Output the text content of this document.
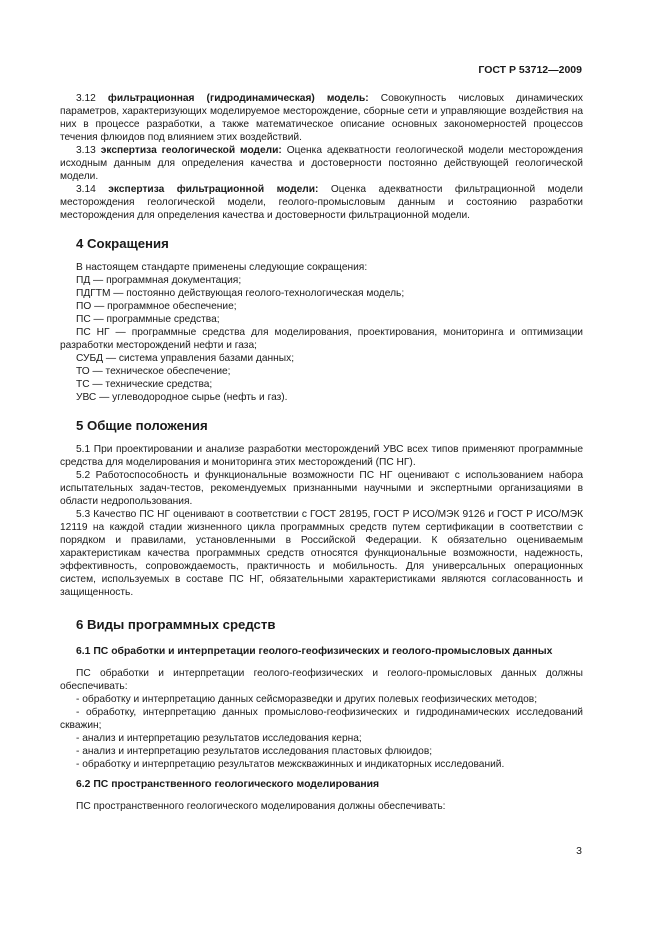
ГОСТ Р 53712—2009

3.12 фильтрационная (гидродинамическая) модель: Совокупность числовых динамических параметров, характеризующих моделируемое месторождение, сборные сети и управляющие воздействия на них в процессе разработки, а также математическое описание основных закономерностей процессов течения флюидов под влиянием этих воздействий.

3.13 экспертиза геологической модели: Оценка адекватности геологической модели месторождения исходным данным для определения качества и достоверности постоянно действующей геологической модели.

3.14 экспертиза фильтрационной модели: Оценка адекватности фильтрационной модели месторождения геологической модели, геолого-промысловым данным и состоянию разработки месторождения для определения качества и достоверности фильтрационной модели.

4 Сокращения

В настоящем стандарте применены следующие сокращения:

ПД — программная документация;

ПДГТМ — постоянно действующая геолого-технологическая модель;

ПО — программное обеспечение;

ПС — программные средства;

ПС НГ — программные средства для моделирования, проектирования, мониторинга и оптимизации разработки месторождений нефти и газа;

СУБД — система управления базами данных;

ТО — техническое обеспечение;

ТС — технические средства;

УВС — углеводородное сырье (нефть и газ).

5 Общие положения

5.1 При проектировании и анализе разработки месторождений УВС всех типов применяют программные средства для моделирования и мониторинга этих месторождений (ПС НГ).

5.2 Работоспособность и функциональные возможности ПС НГ оценивают с использованием набора испытательных задач-тестов, рекомендуемых признанными научными и экспертными организациями в области недропользования.

5.3 Качество ПС НГ оценивают в соответствии с ГОСТ 28195, ГОСТ Р ИСО/МЭК 9126 и ГОСТ Р ИСО/МЭК 12119 на каждой стадии жизненного цикла программных средств путем сертификации в соответствии с порядком и правилами, установленными в Российской Федерации. К обязательно оцениваемым характеристикам качества программных средств относятся функциональные возможности, надежность, эффективность, сопровождаемость, практичность и мобильность. Для универсальных операционных систем, используемых в составе ПС НГ, обязательными характеристиками являются согласованность и защищенность.

6 Виды программных средств
6.1 ПС обработки и интерпретации геолого-геофизических и геолого-промысловых данных

ПС обработки и интерпретации геолого-геофизических и геолого-промысловых данных должны обеспечивать:

- обработку и интерпретацию данных сейсморазведки и других полевых геофизических методов;

- обработку, интерпретацию данных промыслово-геофизических и гидродинамических исследований скважин;

- анализ и интерпретацию результатов исследования керна;

- анализ и интерпретацию результатов исследования пластовых флюидов;

- обработку и интерпретацию результатов межскважинных и индикаторных исследований.

6.2 ПС пространственного геологического моделирования

ПС пространственного геологического моделирования должны обеспечивать:

3
